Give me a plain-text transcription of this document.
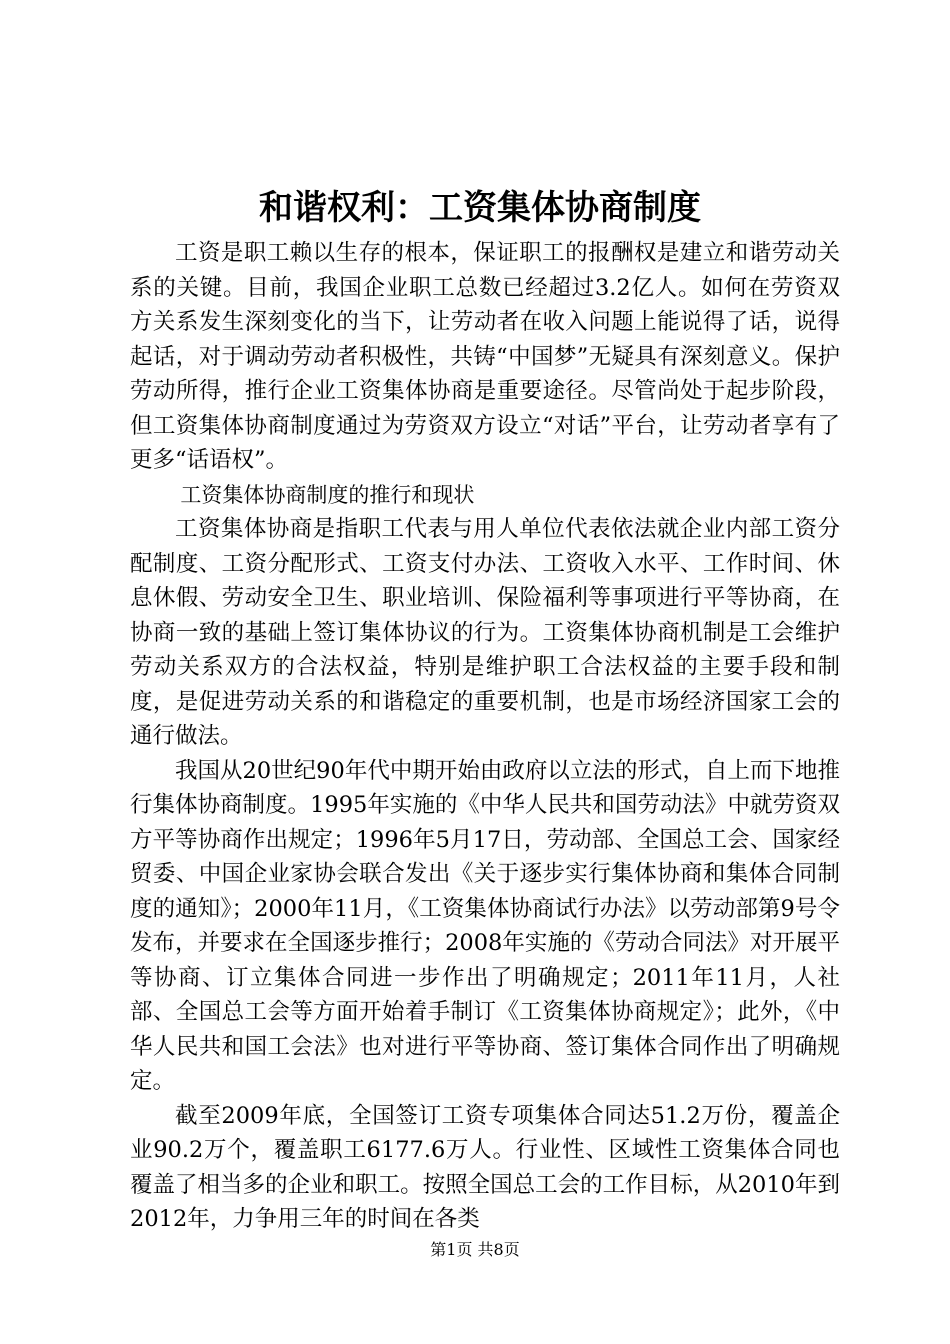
和谐权利：工资集体协商制度

工资是职工赖以生存的根本，保证职工的报酬权是建立和谐劳动关系的关键。目前，我国企业职工总数已经超过3.2亿人。如何在劳资双方关系发生深刻变化的当下，让劳动者在收入问题上能说得了话，说得起话，对于调动劳动者积极性，共铸“中国梦”无疑具有深刻意义。保护劳动所得，推行企业工资集体协商是重要途径。尽管尚处于起步阶段，但工资集体协商制度通过为劳资双方设立“对话”平台，让劳动者享有了更多“话语权”。

工资集体协商制度的推行和现状

工资集体协商是指职工代表与用人单位代表依法就企业内部工资分配制度、工资分配形式、工资支付办法、工资收入水平、工作时间、休息休假、劳动安全卫生、职业培训、保险福利等事项进行平等协商，在协商一致的基础上签订集体协议的行为。工资集体协商机制是工会维护劳动关系双方的合法权益，特别是维护职工合法权益的主要手段和制度，是促进劳动关系的和谐稳定的重要机制，也是市场经济国家工会的通行做法。

我国从20世纪90年代中期开始由政府以立法的形式，自上而下地推行集体协商制度。1995年实施的《中华人民共和国劳动法》中就劳资双方平等协商作出规定；1996年5月17日，劳动部、全国总工会、国家经贸委、中国企业家协会联合发出《关于逐步实行集体协商和集体合同制度的通知》；2000年11月，《工资集体协商试行办法》以劳动部第9号令发布，并要求在全国逐步推行；2008年实施的《劳动合同法》对开展平等协商、订立集体合同进一步作出了明确规定；2011年11月，人社部、全国总工会等方面开始着手制订《工资集体协商规定》；此外，《中华人民共和国工会法》也对进行平等协商、签订集体合同作出了明确规定。

截至2009年底，全国签订工资专项集体合同达51.2万份，覆盖企业90.2万个，覆盖职工6177.6万人。行业性、区域性工资集体合同也覆盖了相当多的企业和职工。按照全国总工会的工作目标，从2010年到2012年，力争用三年的时间在各类

第1页 共8页
